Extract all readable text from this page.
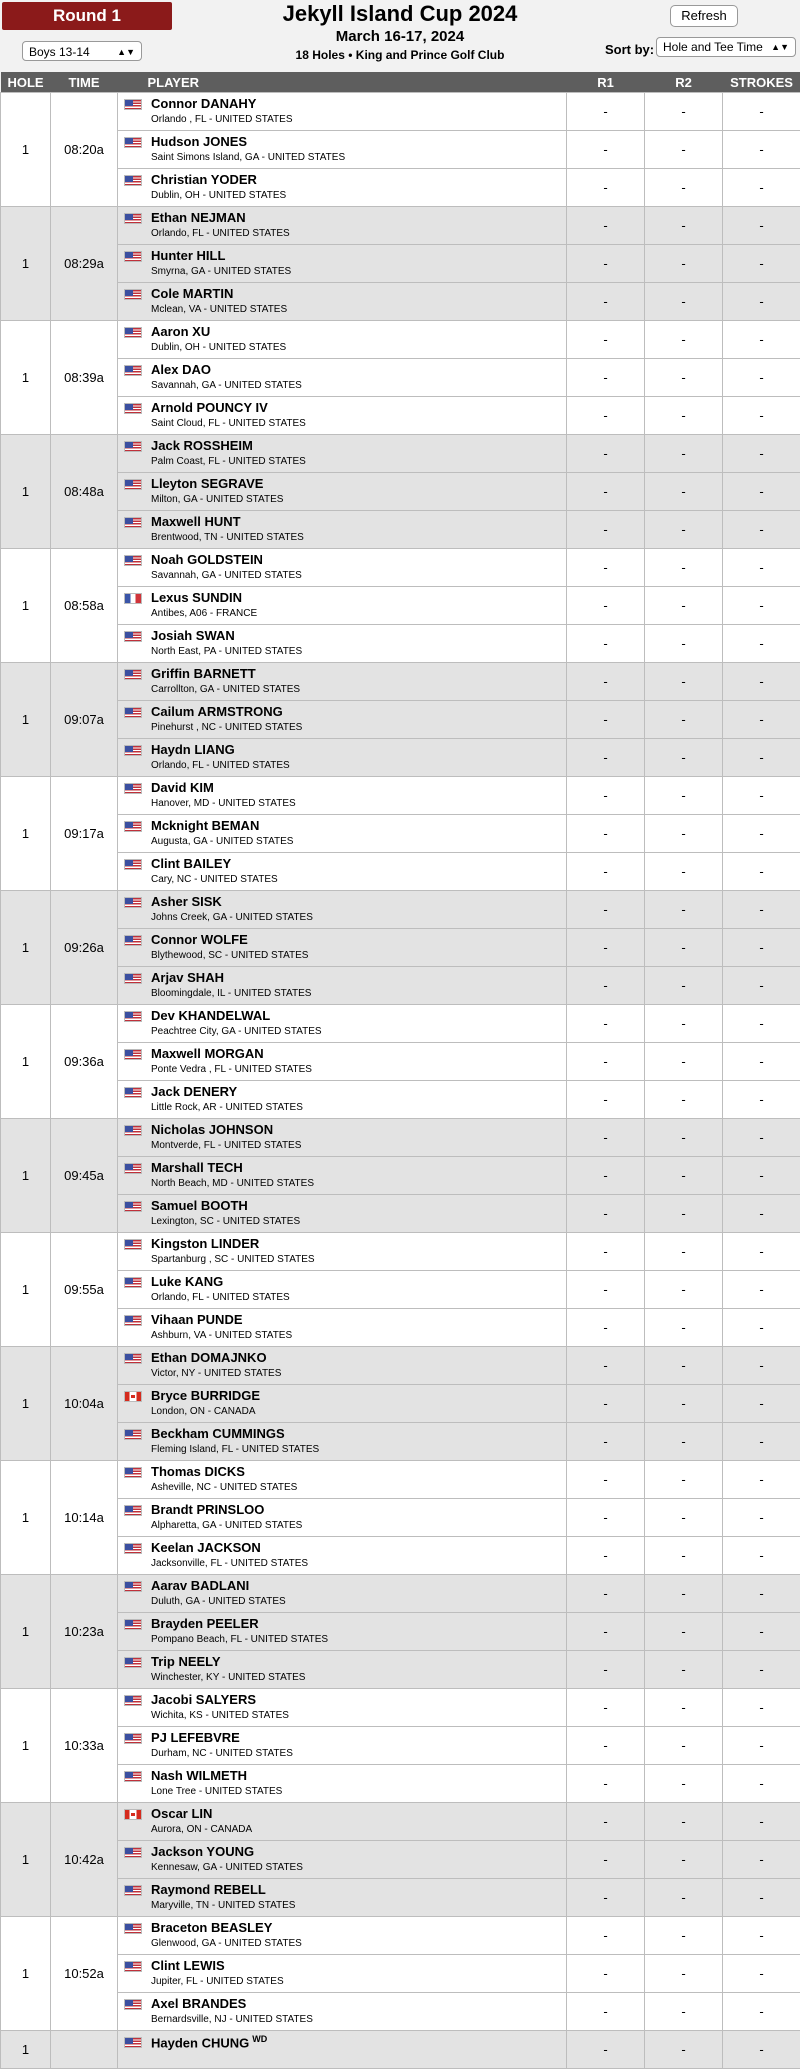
Round 1
Boys 13-14	▲▼
Jekyll Island Cup 2024
March 16-17, 2024
18 Holes • King and Prince Golf Club
Refresh
Sort by: Hole and Tee Time ▲▼
HOLE	TIME	PLAYER	R1	R2	STROKES
1	08:20a	Connor DANAHY
Orlando , FL - UNITED STATES	-	-	-

		Hudson JONES
Saint Simons Island, GA - UNITED STATES	-	-	-

		Christian YODER
Dublin, OH - UNITED STATES	-	-	-
1	08:29a	Ethan NEJMAN
Orlando, FL - UNITED STATES	-	-	-

		Hunter HILL
Smyrna, GA - UNITED STATES	-	-	-

		Cole MARTIN
Mclean, VA - UNITED STATES	-	-	-
1	08:39a	Aaron XU
Dublin, OH - UNITED STATES	-	-	-

		Alex DAO
Savannah, GA - UNITED STATES	-	-	-

		Arnold POUNCY IV
Saint Cloud, FL - UNITED STATES	-	-	-
1	08:48a	Jack ROSSHEIM
Palm Coast, FL - UNITED STATES	-	-	-

		Lleyton SEGRAVE
Milton, GA - UNITED STATES	-	-	-

		Maxwell HUNT
Brentwood, TN - UNITED STATES	-	-	-
1	08:58a	Noah GOLDSTEIN
Savannah, GA - UNITED STATES	-	-	-

		Lexus SUNDIN
Antibes, A06 - FRANCE	-	-	-

		Josiah SWAN
North East, PA - UNITED STATES	-	-	-
1	09:07a	Griffin BARNETT
Carrollton, GA - UNITED STATES	-	-	-

		Cailum ARMSTRONG
Pinehurst , NC - UNITED STATES	-	-	-

		Haydn LIANG
Orlando, FL - UNITED STATES	-	-	-
1	09:17a	David KIM
Hanover, MD - UNITED STATES	-	-	-

		Mcknight BEMAN
Augusta, GA - UNITED STATES	-	-	-

		Clint BAILEY
Cary, NC - UNITED STATES	-	-	-
1	09:26a	Asher SISK
Johns Creek, GA - UNITED STATES	-	-	-

		Connor WOLFE
Blythewood, SC - UNITED STATES	-	-	-

		Arjav SHAH
Bloomingdale, IL - UNITED STATES	-	-	-
1	09:36a	Dev KHANDELWAL
Peachtree City, GA - UNITED STATES	-	-	-

		Maxwell MORGAN
Ponte Vedra , FL - UNITED STATES	-	-	-

		Jack DENERY
Little Rock, AR - UNITED STATES	-	-	-
1	09:45a	Nicholas JOHNSON
Montverde, FL - UNITED STATES	-	-	-

		Marshall TECH
North Beach, MD - UNITED STATES	-	-	-

		Samuel BOOTH
Lexington, SC - UNITED STATES	-	-	-
1	09:55a	Kingston LINDER
Spartanburg , SC - UNITED STATES	-	-	-

		Luke KANG
Orlando, FL - UNITED STATES	-	-	-

		Vihaan PUNDE
Ashburn, VA - UNITED STATES	-	-	-
1	10:04a	Ethan DOMAJNKO
Victor, NY - UNITED STATES	-	-	-

		Bryce BURRIDGE
London, ON - CANADA	-	-	-

		Beckham CUMMINGS
Fleming Island, FL - UNITED STATES	-	-	-
1	10:14a	Thomas DICKS
Asheville, NC - UNITED STATES	-	-	-

		Brandt PRINSLOO
Alpharetta, GA - UNITED STATES	-	-	-

		Keelan JACKSON
Jacksonville, FL - UNITED STATES	-	-	-
1	10:23a	Aarav BADLANI
Duluth, GA - UNITED STATES	-	-	-

		Brayden PEELER
Pompano Beach, FL - UNITED STATES	-	-	-

		Trip NEELY
Winchester, KY - UNITED STATES	-	-	-
1	10:33a	Jacobi SALYERS
Wichita, KS - UNITED STATES	-	-	-

		PJ LEFEBVRE
Durham, NC - UNITED STATES	-	-	-

		Nash WILMETH
Lone Tree - UNITED STATES	-	-	-
1	10:42a	Oscar LIN
Aurora, ON - CANADA	-	-	-

		Jackson YOUNG
Kennesaw, GA - UNITED STATES	-	-	-

		Raymond REBELL
Maryville, TN - UNITED STATES	-	-	-
1	10:52a	Braceton BEASLEY
Glenwood, GA - UNITED STATES	-	-	-

		Clint LEWIS
Jupiter, FL - UNITED STATES	-	-	-

		Axel BRANDES
Bernardsville, NJ - UNITED STATES	-	-	-
1		Hayden CHUNG $^{WD}$	-	-	-
